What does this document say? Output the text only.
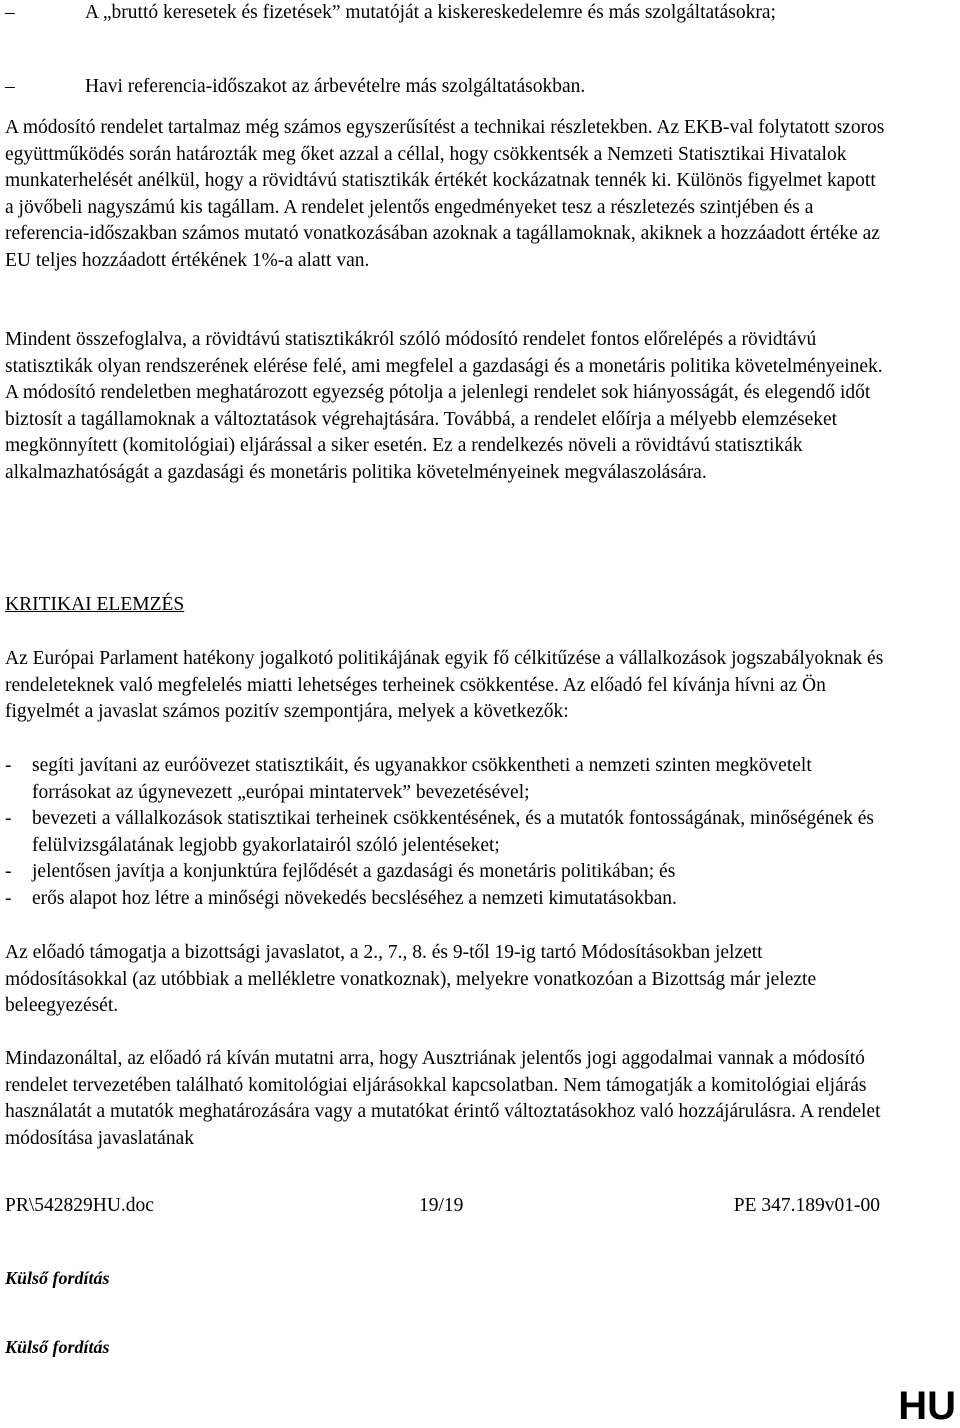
–	A „bruttó keresetek és fizetések” mutatóját a kiskereskedelemre és más szolgáltatásokra;
–	Havi referencia-időszakot az árbevételre más szolgáltatásokban.

A módosító rendelet tartalmaz még számos egyszerűsítést a technikai részletekben. Az EKB-val folytatott szoros együttműködés során határozták meg őket azzal a céllal, hogy csökkentsék a Nemzeti Statisztikai Hivatalok munkaterhelését anélkül, hogy a rövidtávú statisztikák értékét kockázatnak tennék ki. Különös figyelmet kapott a jövőbeli nagyszámú kis tagállam. A rendelet jelentős engedményeket tesz a részletezés szintjében és a referencia-időszakban számos mutató vonatkozásában azoknak a tagállamoknak, akiknek a hozzáadott értéke az EU teljes hozzáadott értékének 1%-a alatt van.

Mindent összefoglalva, a rövidtávú statisztikákról szóló módosító rendelet fontos előrelépés a rövidtávú statisztikák olyan rendszerének elérése felé, ami megfelel a gazdasági és a monetáris politika követelményeinek. A módosító rendeletben meghatározott egyezség pótolja a jelenlegi rendelet sok hiányosságát, és elegendő időt biztosít a tagállamoknak a változtatások végrehajtására. Továbbá, a rendelet előírja a mélyebb elemzéseket megkönnyített (komitológiai) eljárással a siker esetén. Ez a rendelkezés növeli a rövidtávú statisztikák alkalmazhatóságát a gazdasági és monetáris politika követelményeinek megválaszolására.

KRITIKAI ELEMZÉS

Az Európai Parlament hatékony jogalkotó politikájának egyik fő célkitűzése a vállalkozások jogszabályoknak és rendeleteknek való megfelelés miatti lehetséges terheinek csökkentése. Az előadó fel kívánja hívni az Ön figyelmét a javaslat számos pozitív szempontjára, melyek a következők:

- segíti javítani az euróövezet statisztikáit, és ugyanakkor csökkentheti a nemzeti szinten megkövetelt forrásokat az úgynevezett „európai mintatervek” bevezetésével;
- bevezeti a vállalkozások statisztikai terheinek csökkentésének, és a mutatók fontosságának, minőségének és felülvizsgálatának legjobb gyakorlatairól szóló jelentéseket;
- jelentősen javítja a konjunktúra fejlődését a gazdasági és monetáris politikában; és
- erős alapot hoz létre a minőségi növekedés becsléséhez a nemzeti kimutatásokban.

Az előadó támogatja a bizottsági javaslatot, a 2., 7., 8. és 9-től 19-ig tartó Módosításokban jelzett módosításokkal (az utóbbiak a mellékletre vonatkoznak), melyekre vonatkozóan a Bizottság már jelezte beleegyezését.

Mindazonáltal, az előadó rá kíván mutatni arra, hogy Ausztriának jelentős jogi aggodalmai vannak a módosító rendelet tervezetében található komitológiai eljárásokkal kapcsolatban. Nem támogatják a komitológiai eljárás használatát a mutatók meghatározására vagy a mutatókat érintő változtatásokhoz való hozzájárulásra. A rendelet módosítása javaslatának

PR\542829HU.doc	19/19	PE 347.189v01-00

Külső fordítás

Külső fordítás

HU
